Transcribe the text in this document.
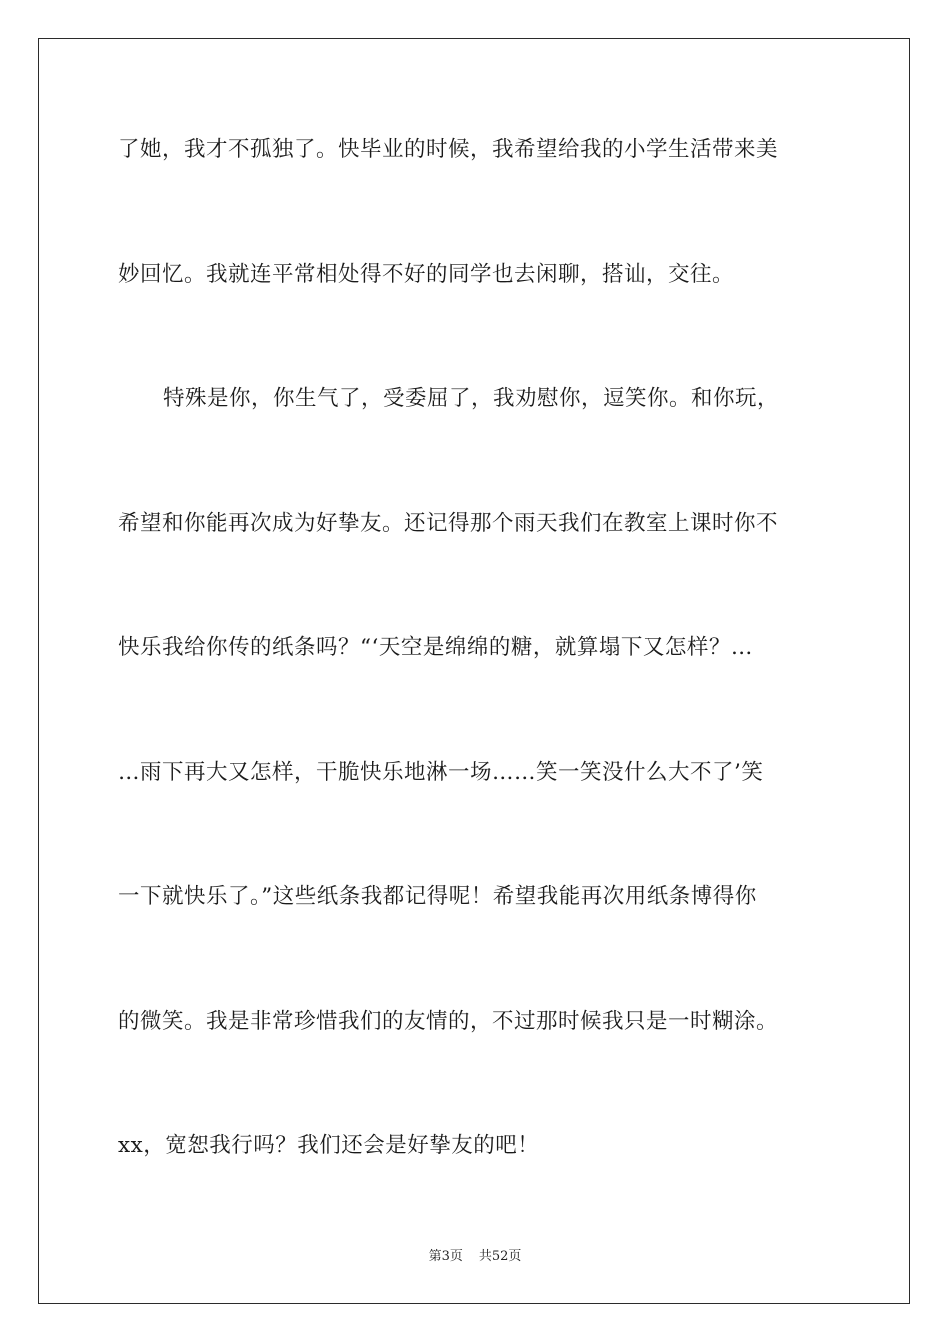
了她，我才不孤独了。快毕业的时候，我希望给我的小学生活带来美

妙回忆。我就连平常相处得不好的同学也去闲聊，搭讪，交往。

特殊是你，你生气了，受委屈了，我劝慰你，逗笑你。和你玩，

希望和你能再次成为好挚友。还记得那个雨天我们在教室上课时你不

快乐我给你传的纸条吗？“‘天空是绵绵的糖，就算塌下又怎样？…

…雨下再大又怎样，干脆快乐地淋一场……笑一笑没什么大不了’笑

一下就快乐了。”这些纸条我都记得呢！希望我能再次用纸条博得你

的微笑。我是非常珍惜我们的友情的，不过那时候我只是一时糊涂。

xx，宽恕我行吗？我们还会是好挚友的吧！

第3页 共52页
